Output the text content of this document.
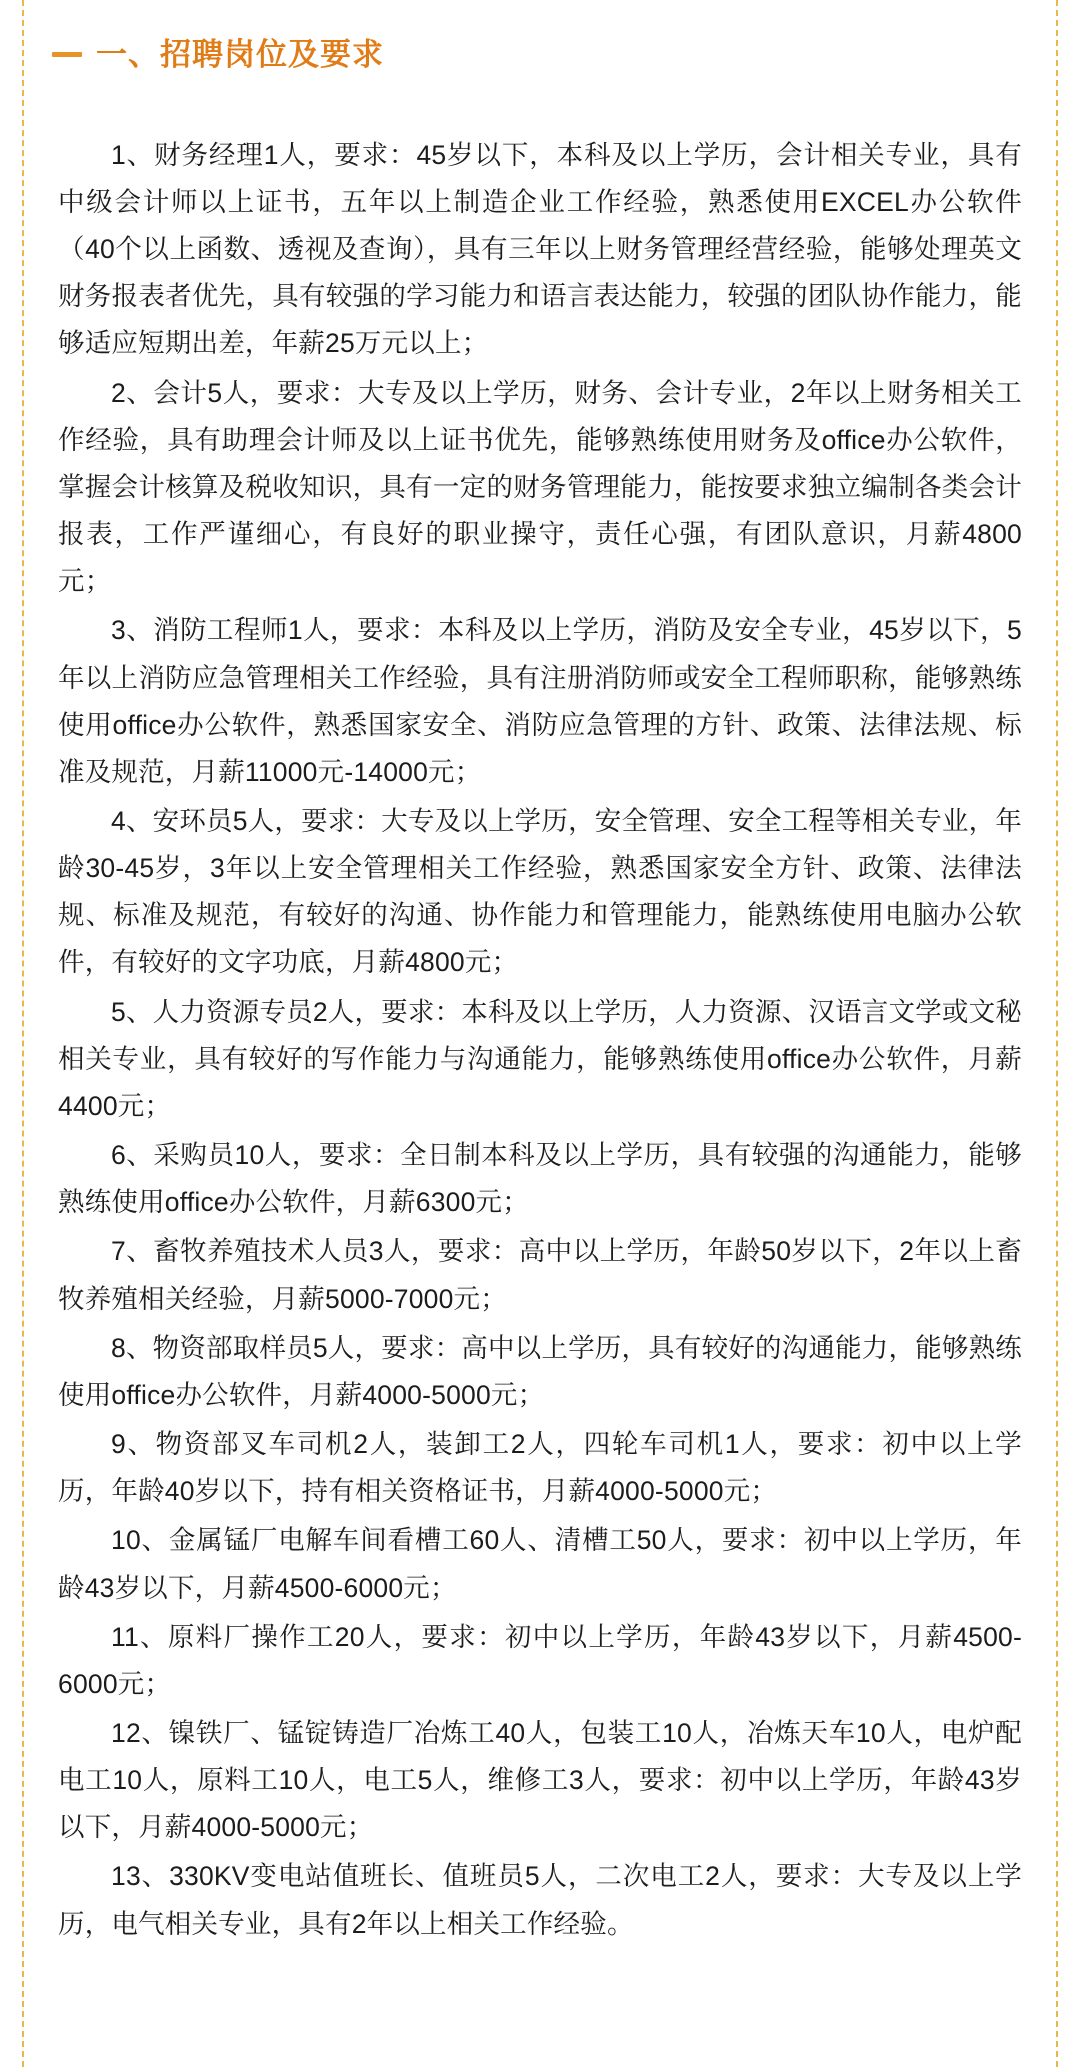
一、招聘岗位及要求

1、财务经理1人，要求：45岁以下，本科及以上学历，会计相关专业，具有中级会计师以上证书，五年以上制造企业工作经验，熟悉使用EXCEL办公软件（40个以上函数、透视及查询），具有三年以上财务管理经营经验，能够处理英文财务报表者优先，具有较强的学习能力和语言表达能力，较强的团队协作能力，能够适应短期出差，年薪25万元以上；

2、会计5人，要求：大专及以上学历，财务、会计专业，2年以上财务相关工作经验，具有助理会计师及以上证书优先，能够熟练使用财务及office办公软件，掌握会计核算及税收知识，具有一定的财务管理能力，能按要求独立编制各类会计报表，工作严谨细心，有良好的职业操守，责任心强，有团队意识，月薪4800元；

3、消防工程师1人，要求：本科及以上学历，消防及安全专业，45岁以下，5年以上消防应急管理相关工作经验，具有注册消防师或安全工程师职称，能够熟练使用office办公软件，熟悉国家安全、消防应急管理的方针、政策、法律法规、标准及规范，月薪11000元-14000元；

4、安环员5人，要求：大专及以上学历，安全管理、安全工程等相关专业，年龄30-45岁，3年以上安全管理相关工作经验，熟悉国家安全方针、政策、法律法规、标准及规范，有较好的沟通、协作能力和管理能力，能熟练使用电脑办公软件，有较好的文字功底，月薪4800元；

5、人力资源专员2人，要求：本科及以上学历，人力资源、汉语言文学或文秘相关专业，具有较好的写作能力与沟通能力，能够熟练使用office办公软件，月薪4400元；

6、采购员10人，要求：全日制本科及以上学历，具有较强的沟通能力，能够熟练使用office办公软件，月薪6300元；

7、畜牧养殖技术人员3人，要求：高中以上学历，年龄50岁以下，2年以上畜牧养殖相关经验，月薪5000-7000元；

8、物资部取样员5人，要求：高中以上学历，具有较好的沟通能力，能够熟练使用office办公软件，月薪4000-5000元；

9、物资部叉车司机2人，装卸工2人，四轮车司机1人，要求：初中以上学历，年龄40岁以下，持有相关资格证书，月薪4000-5000元；

10、金属锰厂电解车间看槽工60人、清槽工50人，要求：初中以上学历，年龄43岁以下，月薪4500-6000元；

11、原料厂操作工20人，要求：初中以上学历，年龄43岁以下，月薪4500-6000元；

12、镍铁厂、锰锭铸造厂冶炼工40人，包装工10人，冶炼天车10人，电炉配电工10人，原料工10人，电工5人，维修工3人，要求：初中以上学历，年龄43岁以下，月薪4000-5000元；

13、330KV变电站值班长、值班员5人，二次电工2人，要求：大专及以上学历，电气相关专业，具有2年以上相关工作经验。
